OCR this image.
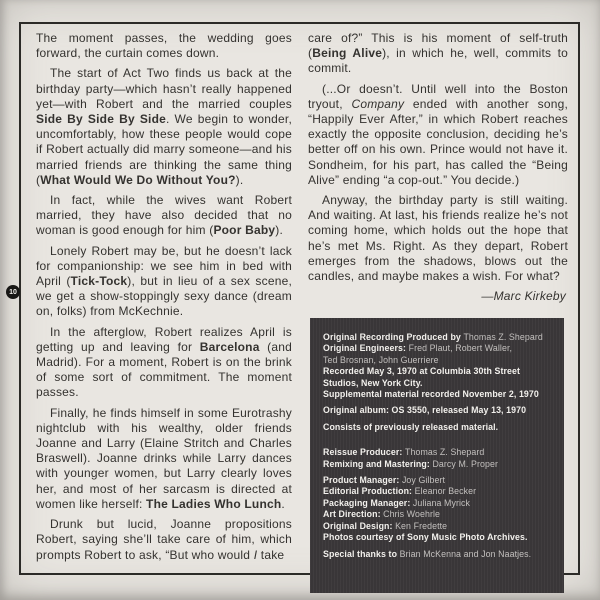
10

The moment passes, the wedding goes forward, the curtain comes down.

The start of Act Two finds us back at the birthday party—which hasn’t really happened yet—with Robert and the married couples Side By Side By Side. We begin to wonder, uncomfortably, how these people would cope if Robert actually did marry someone—and his married friends are thinking the same thing (What Would We Do Without You?).

In fact, while the wives want Robert married, they have also decided that no woman is good enough for him (Poor Baby).

Lonely Robert may be, but he doesn’t lack for companionship: we see him in bed with April (Tick-Tock), but in lieu of a sex scene, we get a show-stoppingly sexy dance (dream on, folks) from McKechnie.

In the afterglow, Robert realizes April is getting up and leaving for Barcelona (and Madrid). For a moment, Robert is on the brink of some sort of commitment. The moment passes.

Finally, he finds himself in some Eurotrashy nightclub with his wealthy, older friends Joanne and Larry (Elaine Stritch and Charles Braswell). Joanne drinks while Larry dances with younger women, but Larry clearly loves her, and most of her sarcasm is directed at women like herself: The Ladies Who Lunch.

Drunk but lucid, Joanne propositions Robert, saying she’ll take care of him, which prompts Robert to ask, “But who would I take

care of?” This is his moment of self-truth (Being Alive), in which he, well, commits to commit.

(...Or doesn’t. Until well into the Boston tryout, Company ended with another song, “Happily Ever After,” in which Robert reaches exactly the opposite conclusion, deciding he’s better off on his own. Prince would not have it. Sondheim, for his part, has called the “Being Alive” ending “a cop-out.” You decide.)

Anyway, the birthday party is still waiting. And waiting. At last, his friends realize he’s not coming home, which holds out the hope that he’s met Ms. Right. As they depart, Robert emerges from the shadows, blows out the candles, and maybe makes a wish. For what?

—Marc Kirkeby
Original Recording Produced by Thomas Z. Shepard
Original Engineers: Fred Plaut, Robert Waller,
Ted Brosnan, John Guerriere
Recorded May 3, 1970 at Columbia 30th Street
Studios, New York City.
Supplemental material recorded November 2, 1970
Original album: OS 3550, released May 13, 1970
Consists of previously released material.
Reissue Producer: Thomas Z. Shepard
Remixing and Mastering: Darcy M. Proper
Product Manager: Joy Gilbert
Editorial Production: Eleanor Becker
Packaging Manager: Juliana Myrick
Art Direction: Chris Woehrle
Original Design: Ken Fredette
Photos courtesy of Sony Music Photo Archives.
Special thanks to Brian McKenna and Jon Naatjes.
